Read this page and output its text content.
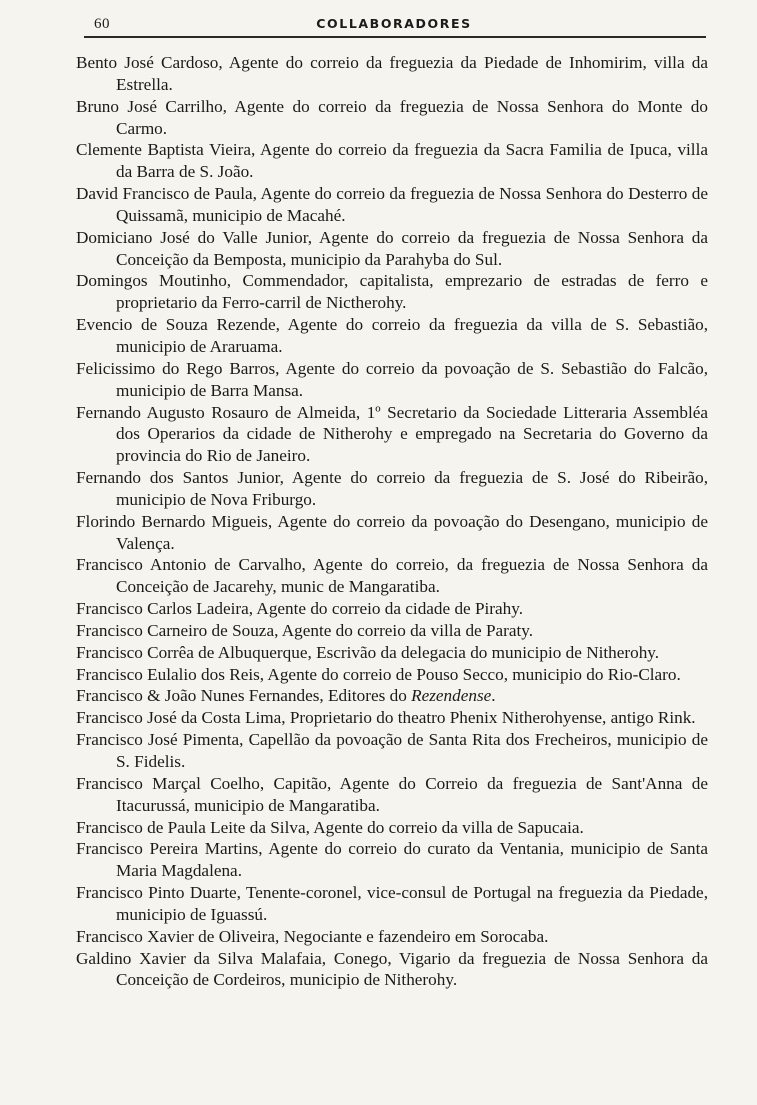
60	COLLABORADORES
Bento José Cardoso, Agente do correio da freguezia da Piedade de Inhomirim, villa da Estrella.
Bruno José Carrilho, Agente do correio da freguezia de Nossa Senhora do Monte do Carmo.
Clemente Baptista Vieira, Agente do correio da freguezia da Sacra Familia de Ipuca, villa da Barra de S. João.
David Francisco de Paula, Agente do correio da freguezia de Nossa Senhora do Desterro de Quissamã, municipio de Macahé.
Domiciano José do Valle Junior, Agente do correio da freguezia de Nossa Senhora da Conceição da Bemposta, municipio da Parahyba do Sul.
Domingos Moutinho, Commendador, capitalista, emprezario de estradas de ferro e proprietario da Ferro-carril de Nictherohy.
Evencio de Souza Rezende, Agente do correio da freguezia da villa de S. Sebastião, municipio de Araruama.
Felicissimo do Rego Barros, Agente do correio da povoação de S. Sebastião do Falcão, municipio de Barra Mansa.
Fernando Augusto Rosauro de Almeida, 1º Secretario da Sociedade Litteraria Assembléa dos Operarios da cidade de Nitherohy e empregado na Secretaria do Governo da provincia do Rio de Janeiro.
Fernando dos Santos Junior, Agente do correio da freguezia de S. José do Ribeirão, municipio de Nova Friburgo.
Florindo Bernardo Migueis, Agente do correio da povoação do Desengano, municipio de Valença.
Francisco Antonio de Carvalho, Agente do correio, da freguezia de Nossa Senhora da Conceição de Jacarehy, munic de Mangaratiba.
Francisco Carlos Ladeira, Agente do correio da cidade de Pirahy.
Francisco Carneiro de Souza, Agente do correio da villa de Paraty.
Francisco Corrêa de Albuquerque, Escrivão da delegacia do municipio de Nitherohy.
Francisco Eulalio dos Reis, Agente do correio de Pouso Secco, municipio do Rio-Claro.
Francisco & João Nunes Fernandes, Editores do Rezendense.
Francisco José da Costa Lima, Proprietario do theatro Phenix Nitherohyense, antigo Rink.
Francisco José Pimenta, Capellão da povoação de Santa Rita dos Frecheiros, municipio de S. Fidelis.
Francisco Marçal Coelho, Capitão, Agente do Correio da freguezia de Sant'Anna de Itacurussá, municipio de Mangaratiba.
Francisco de Paula Leite da Silva, Agente do correio da villa de Sapucaia.
Francisco Pereira Martins, Agente do correio do curato da Ventania, municipio de Santa Maria Magdalena.
Francisco Pinto Duarte, Tenente-coronel, vice-consul de Portugal na freguezia da Piedade, municipio de Iguassú.
Francisco Xavier de Oliveira, Negociante e fazendeiro em Sorocaba.
Galdino Xavier da Silva Malafaia, Conego, Vigario da freguezia de Nossa Senhora da Conceição de Cordeiros, municipio de Nitherohy.
